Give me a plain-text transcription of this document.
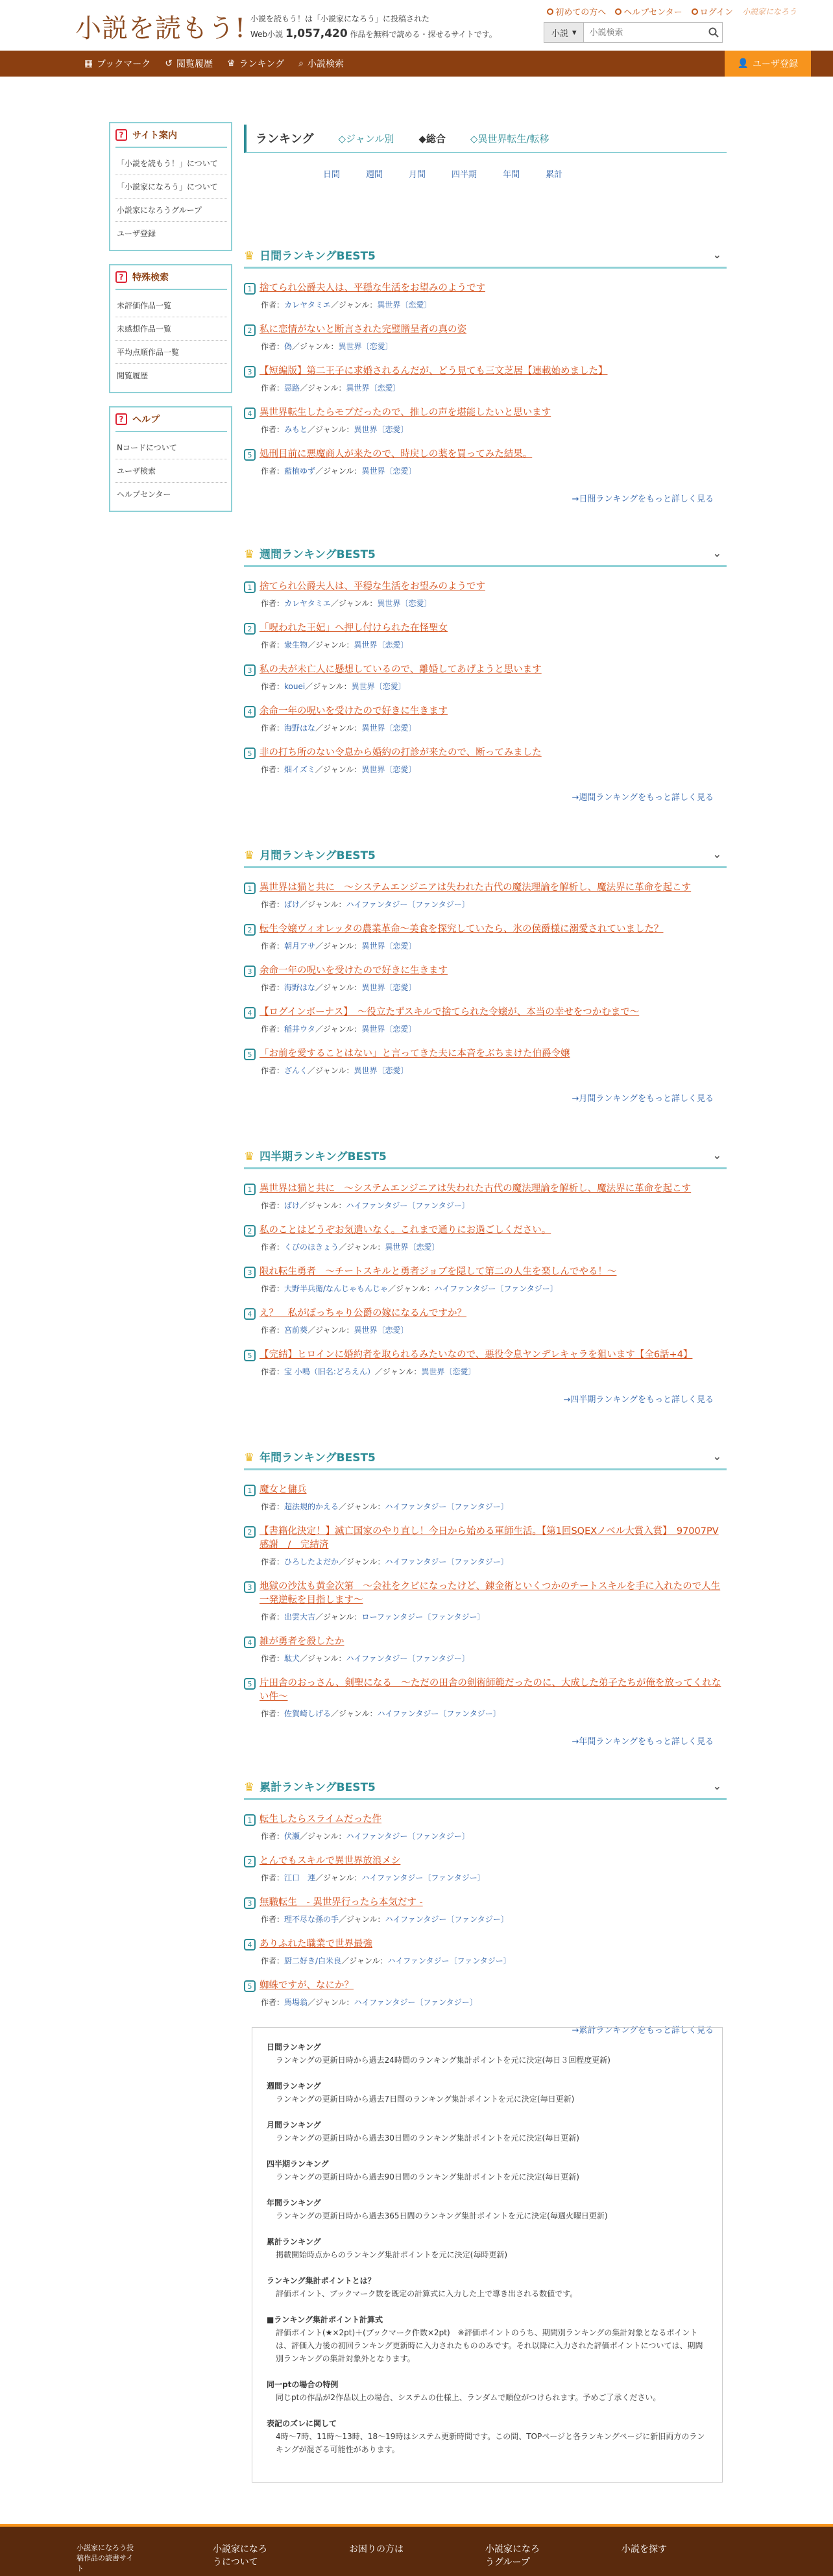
小説を読もう! 小説を読もう！は「小説家になろう」に投稿された
Web小説 1,057,420 作品を無料で読める・探せるサイトです。
初めての方へ ヘルプセンター ログイン 小説家になろう
小説 ▾
小説検索
▦ ブックマーク ↺ 閲覧履歴 ♛ ランキング ⌕ 小説検索	👤 ユーザ登録
? サイト案内
「小説を読もう！」について
「小説家になろう」について
小説家になろうグループ
ユーザ登録
? 特殊検索
未評価作品一覧
未感想作品一覧
平均点順作品一覧
閲覧履歴
? ヘルプ
Nコードについて
ユーザ検索
ヘルプセンター
ランキング	◇ジャンル別	◆総合	◇異世界転生/転移
日間	週間	月間	四半期	年間	累計
♛ 日間ランキングBEST5	⌄
1 捨てられ公爵夫人は、平穏な生活をお望みのようです
作者：カレヤタミエ／ジャンル：異世界〔恋愛〕
2 私に恋情がないと断言された完璧贈呈者の真の姿
作者：偽／ジャンル：異世界〔恋愛〕
3 【短編版】第二王子に求婚されるんだが、どう見ても三文芝居【連載始めました】
作者：惡路／ジャンル：異世界〔恋愛〕
4 異世界転生したらモブだったので、推しの声を堪能したいと思います
作者：みもと／ジャンル：異世界〔恋愛〕
5 処刑目前に悪魔商人が来たので、時戻しの薬を買ってみた結果。
作者：藍植ゆず／ジャンル：異世界〔恋愛〕
→日間ランキングをもっと詳しく見る
♛ 週間ランキングBEST5	⌄
1 捨てられ公爵夫人は、平穏な生活をお望みのようです
作者：カレヤタミエ／ジャンル：異世界〔恋愛〕
2 「呪われた王妃」へ押し付けられた在怪聖女
作者：衆生物／ジャンル：異世界〔恋愛〕
3 私の夫が未亡人に懸想しているので、離婚してあげようと思います
作者：kouei／ジャンル：異世界〔恋愛〕
4 余命一年の呪いを受けたので好きに生きます
作者：海野はな／ジャンル：異世界〔恋愛〕
5 非の打ち所のない令息から婚約の打診が来たので、断ってみました
作者：畑イズミ／ジャンル：異世界〔恋愛〕
→週間ランキングをもっと詳しく見る
♛ 月間ランキングBEST5	⌄
1 異世界は猫と共に　～システムエンジニアは失われた古代の魔法理論を解析し、魔法界に革命を起こす
作者：ばけ／ジャンル：ハイファンタジー〔ファンタジー〕
2 転生令嬢ヴィオレッタの農業革命～美食を探究していたら、氷の侯爵様に溺愛されていました？
作者：朝月アサ／ジャンル：異世界〔恋愛〕
3 余命一年の呪いを受けたので好きに生きます
作者：海野はな／ジャンル：異世界〔恋愛〕
4 【ログインボーナス】　～役立たずスキルで捨てられた令嬢が、本当の幸せをつかむまで～
作者：稲井ウタ／ジャンル：異世界〔恋愛〕
5 「お前を愛することはない」と言ってきた夫に本音をぶちまけた伯爵令嬢
作者：ざんく／ジャンル：異世界〔恋愛〕
→月間ランキングをもっと詳しく見る
♛ 四半期ランキングBEST5	⌄
1 異世界は猫と共に　～システムエンジニアは失われた古代の魔法理論を解析し、魔法界に革命を起こす
作者：ばけ／ジャンル：ハイファンタジー〔ファンタジー〕
2 私のことはどうぞお気遣いなく。これまで通りにお過ごしください。
作者：くびのほきょう／ジャンル：異世界〔恋愛〕
3 限れ転生勇者　～チートスキルと勇者ジョブを隠して第二の人生を楽しんでやる！～
作者：大野半兵衛/なんじゃもんじゃ／ジャンル：ハイファンタジー〔ファンタジー〕
4 え？　私がぼっちゃり公爵の嫁になるんですか？
作者：宮前葵／ジャンル：異世界〔恋愛〕
5 【完結】ヒロインに婚約者を取られるみたいなので、悪役令息ヤンデレキャラを狙います【全6話+4】
作者：宝 小鳴（旧名:どろえん）／ジャンル：異世界〔恋愛〕
→四半期ランキングをもっと詳しく見る
♛ 年間ランキングBEST5	⌄
1 魔女と傭兵
作者：超法規的かえる／ジャンル：ハイファンタジー〔ファンタジー〕
2 【書籍化決定！】滅亡国家のやり直し！今日から始める軍師生活。【第1回SQEXノベル大賞入賞】　97007PV感謝　/　完結済
作者：ひろしたよだか／ジャンル：ハイファンタジー〔ファンタジー〕
3 地獄の沙汰も黄金次第　～会社をクビになったけど、錬金術といくつかのチートスキルを手に入れたので人生一発逆転を目指します～
作者：出雲大吉／ジャンル：ローファンタジー〔ファンタジー〕
4 雑が勇者を殺したか
作者：駄犬／ジャンル：ハイファンタジー〔ファンタジー〕
5 片田舎のおっさん、剣聖になる　～ただの田舎の剣術師範だったのに、大成した弟子たちが俺を放ってくれない件～
作者：佐賀崎しげる／ジャンル：ハイファンタジー〔ファンタジー〕
→年間ランキングをもっと詳しく見る
♛ 累計ランキングBEST5	⌄
1 転生したらスライムだった件
作者：伏瀬／ジャンル：ハイファンタジー〔ファンタジー〕
2 とんでもスキルで異世界放浪メシ
作者：江口　連／ジャンル：ハイファンタジー〔ファンタジー〕
3 無職転生　- 異世界行ったら本気だす -
作者：理不尽な孫の手／ジャンル：ハイファンタジー〔ファンタジー〕
4 ありふれた職業で世界最強
作者：厨二好き/白米良／ジャンル：ハイファンタジー〔ファンタジー〕
5 蜘蛛ですが、なにか？
作者：馬場翁／ジャンル：ハイファンタジー〔ファンタジー〕
→累計ランキングをもっと詳しく見る
日間ランキング
ランキングの更新日時から過去24時間のランキング集計ポイントを元に決定(毎日３回程度更新)
週間ランキング
ランキングの更新日時から過去7日間のランキング集計ポイントを元に決定(毎日更新)
月間ランキング
ランキングの更新日時から過去30日間のランキング集計ポイントを元に決定(毎日更新)
四半期ランキング
ランキングの更新日時から過去90日間のランキング集計ポイントを元に決定(毎日更新)
年間ランキング
ランキングの更新日時から過去365日間のランキング集計ポイントを元に決定(毎週火曜日更新)
累計ランキング
掲載開始時点からのランキング集計ポイントを元に決定(毎時更新)
ランキング集計ポイントとは？
評価ポイント、ブックマーク数を既定の計算式に入力した上で導き出される数値です。
■ランキング集計ポイント計算式
評価ポイント(★×2pt)＋(ブックマーク件数×2pt)　※評価ポイントのうち、期間別ランキングの集計対象となるポイントは、評価入力後の初回ランキング更新時に入力されたもののみです。それ以降に入力された評価ポイントについては、期間別ランキングの集計対象外となります。
同一ptの場合の特例
同じptの作品が2作品以上の場合、システムの仕様上、ランダムで順位がつけられます。予めご了承ください。
表記のズレに関して
4時〜7時、11時〜13時、18〜19時はシステム更新時間です。この間、TOPページと各ランキングページに新旧両方のランキングが混ざる可能性があります。
小説家になろう投稿作品の読書サイト
小説家になろうについて
お困りの方は	小説家になろうグループ
小説を探す
